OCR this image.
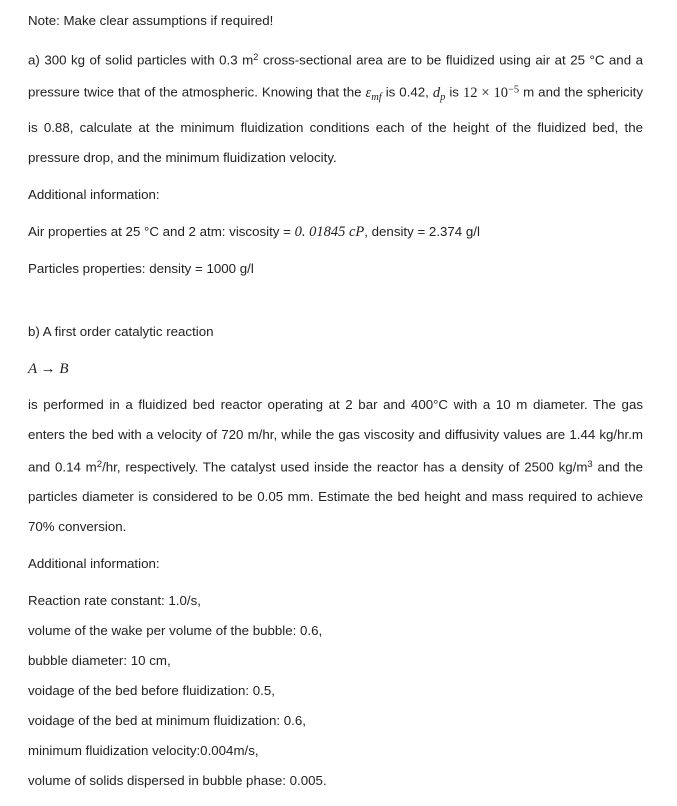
Note: Make clear assumptions if required!

a) 300 kg of solid particles with 0.3 $m^2$ cross-sectional area are to be fluidized using air at 25 °C and a pressure twice that of the atmospheric. Knowing that the $\varepsilon_{mf}$ is 0.42, $d_p$ is $12 \times 10^{-5}$ m and the sphericity is 0.88, calculate at the minimum fluidization conditions each of the height of the fluidized bed, the pressure drop, and the minimum fluidization velocity.

Additional information:

Air properties at 25 °C and 2 atm: viscosity = 0. 01845 cP, density = 2.374 g/l

Particles properties: density = 1000 g/l

b) A first order catalytic reaction

A → B

is performed in a fluidized bed reactor operating at 2 bar and 400°C with a 10 m diameter. The gas enters the bed with a velocity of 720 m/hr, while the gas viscosity and diffusivity values are 1.44 kg/hr.m and 0.14 $m^2/hr$, respectively. The catalyst used inside the reactor has a density of 2500 $kg/m^3$ and the particles diameter is considered to be 0.05 mm. Estimate the bed height and mass required to achieve 70% conversion.

Additional information:

Reaction rate constant: 1.0/s,

volume of the wake per volume of the bubble: 0.6,

bubble diameter: 10 cm,

voidage of the bed before fluidization: 0.5,

voidage of the bed at minimum fluidization: 0.6,

minimum fluidization velocity:0.004m/s,

volume of solids dispersed in bubble phase: 0.005.
